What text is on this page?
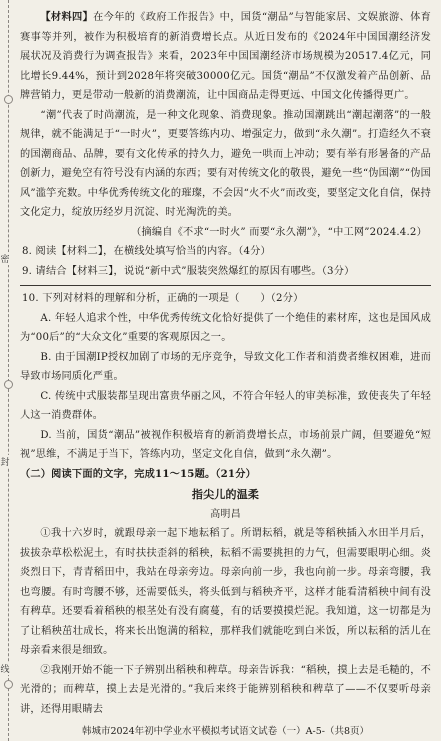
密
封
线

【材料四】在今年的《政府工作报告》中，国货“潮品”与智能家居、文娱旅游、体育赛事等并列，被作为积极培育的新消费增长点。从近日发布的《2024年中国国潮经济发展状况及消费行为调查报告》来看，2023年中国国潮经济市场规模为20517.4亿元，同比增长9.44%，预计到2028年将突破30000亿元。国货“潮品”不仅激发着产品创新、品牌营销力，更是带动一般新的消费潮流，让中国商品走得更远、中国文化传播得更广。

“潮”代表了时尚潮流，是一种文化现象、消费现象。推动国潮跳出“潮起潮落”的一般规律，就不能满足于“一时火”，更要答练内功、增强定力，做到“永久潮”。打造经久不衰的国潮商品、品牌，要有文化传承的持久力，避免一哄而上冲动；要有举有形暑备的产品创新力，避免空有符号没有内涵的东西；要有对传统文化的敬畏，避免一些“伪国潮”“伪国风”滥竽充数。中华优秀传统文化的璀璨，不会因“火不火”而改变，要坚定文化自信，保持文化定力，绽放历经岁月沉淀、时光淘洗的美。

（摘编自《不求“一时火” 而要“永久潮”》，“中工网”2024.4.2）

8. 阅读【材料二】，在横线处填写恰当的内容。（4分）

9. 请结合【材料三】，说说“新中式”服装突然爆红的原因有哪些。（3分）

10. 下列对材料的理解和分析，正确的一项是（　　）（2分）

A. 年轻人追求个性，中华优秀传统文化恰好提供了一个绝佳的素材库，这也是国风成为“00后”的“大众文化”重要的客观原因之一。

B. 由于国潮IP授权加剧了市场的无序竞争，导致文化工作者和消费者维权困难，进而导致市场同质化严重。

C. 传统中式服装都呈现出富贵华丽之风，不符合年轻人的审美标准，致使丧失了年轻人这一消费群体。

D. 当前，国货“潮品”被视作积极培育的新消费增长点，市场前景广阔，但要避免“短视”思维，不满足于当下，答练内功，坚定文化自信，做到“永久潮”。

（二）阅读下面的文字，完成11～15题。（21分）

指尖儿的温柔

高明昌

①我十六岁时，就跟母亲一起下地耘稻了。所谓耘稻，就是等稻秧插入水田半月后，拔拔杂草松松泥土，有时扶扶歪斜的稻秧，耘稻不需要挑担的力气，但需要眼明心细。炎炎烈日下，青青稻田中，我站在母亲旁边。母亲向前一步，我也向前一步。母亲弯腰，我也弯腰。有时弯腰不够，还需要低头，将头低到与稻秧齐平，这样才能看清稻秧中间有没有稗草。还要看着稻秧的根茎处有没有腐蔓，有的话要摸摸烂泥。我知道，这一切都是为了让稻秧茁壮成长，将来长出饱满的稻粒，那样我们就能吃到白米饭，所以耘稻的活儿在母亲看来很是细致。

②我刚开始不能一下子辨别出稻秧和稗草。母亲告诉我：“稻秧，摸上去是毛糙的，不光滑的；而稗草，摸上去是光滑的。”我后来终于能辨别稻秧和稗草了——不仅要听母亲讲，还得用眼睛去

韩城市2024年初中学业水平模拟考试语文试卷（一）A-5-（共8页）
